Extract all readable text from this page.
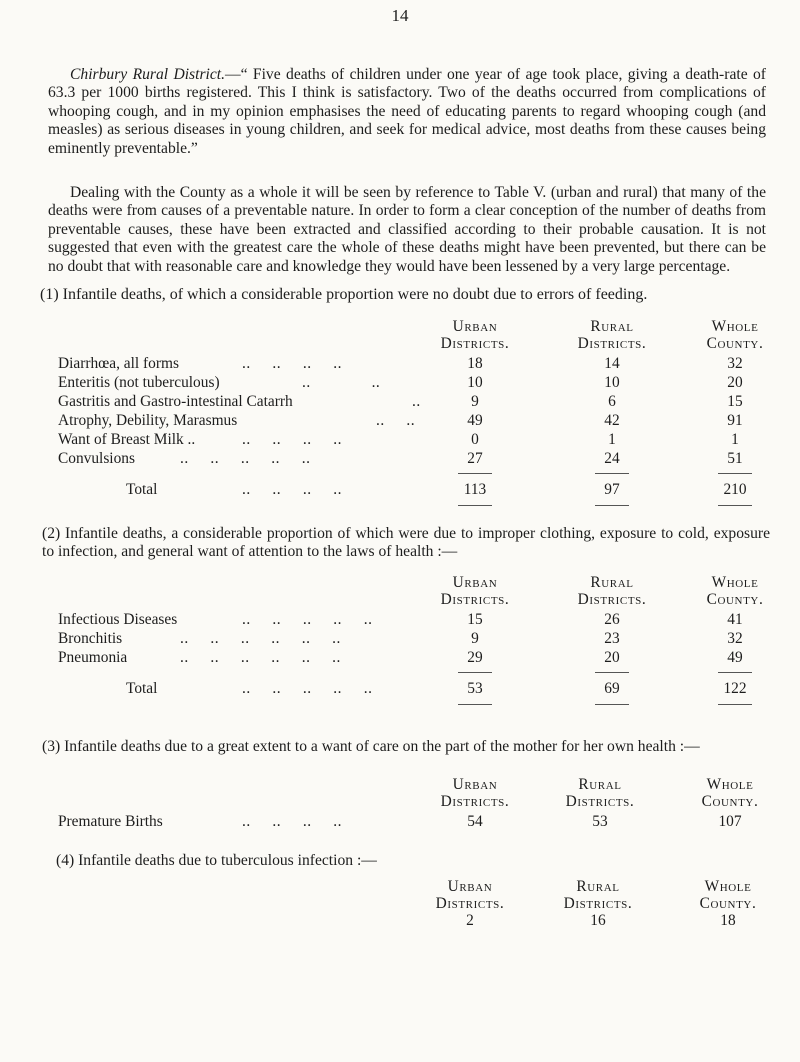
14

Chirbury Rural District.—“ Five deaths of children under one year of age took place, giving a death-rate of 63.3 per 1000 births registered. This I think is satisfactory. Two of the deaths occurred from complications of whooping cough, and in my opinion emphasises the need of educating parents to regard whooping cough (and measles) as serious diseases in young children, and seek for medical advice, most deaths from these causes being eminently preventable.”

Dealing with the County as a whole it will be seen by reference to Table V. (urban and rural) that many of the deaths were from causes of a preventable nature. In order to form a clear conception of the number of deaths from preventable causes, these have been extracted and classified according to their probable causation. It is not suggested that even with the greatest care the whole of these deaths might have been prevented, but there can be no doubt that with reasonable care and knowledge they would have been lessened by a very large percentage.

(1) Infantile deaths, of which a considerable proportion were no doubt due to errors of feeding.
Urban
Districts.
Rural
Districts.
Whole
County.
Diarrhœa, all forms	..     ..     ..     ..	18	14	32
Enteritis (not tuberculous)	..              ..	10	10	20
Gastritis and Gastro-intestinal Catarrh	..	9	6	15
Atrophy, Debility, Marasmus	..     ..	49	42	91
Want of Breast Milk ..	..     ..     ..     ..	0	1	1
Convulsions	..     ..     ..     ..     ..	27	24	51
Total	..     ..     ..     ..	113	97	210
(2) Infantile deaths, a considerable proportion of which were due to improper clothing, exposure to cold, exposure to infection, and general want of attention to the laws of health :—
Urban
Districts.
Rural
Districts.
Whole
County.
Infectious Diseases	..     ..     ..     ..     ..	15	26	41
Bronchitis	..     ..     ..     ..     ..     ..	9	23	32
Pneumonia	..     ..     ..     ..     ..     ..	29	20	49
Total	..     ..     ..     ..     ..	53	69	122
(3) Infantile deaths due to a great extent to a want of care on the part of the mother for her own health :—
Urban
Districts.
Rural
Districts.
Whole
County.
Premature Births	..     ..     ..     ..	54	53	107
(4) Infantile deaths due to tuberculous infection :—
Urban
Districts.
Rural
Districts.
Whole
County.
2	16	18
